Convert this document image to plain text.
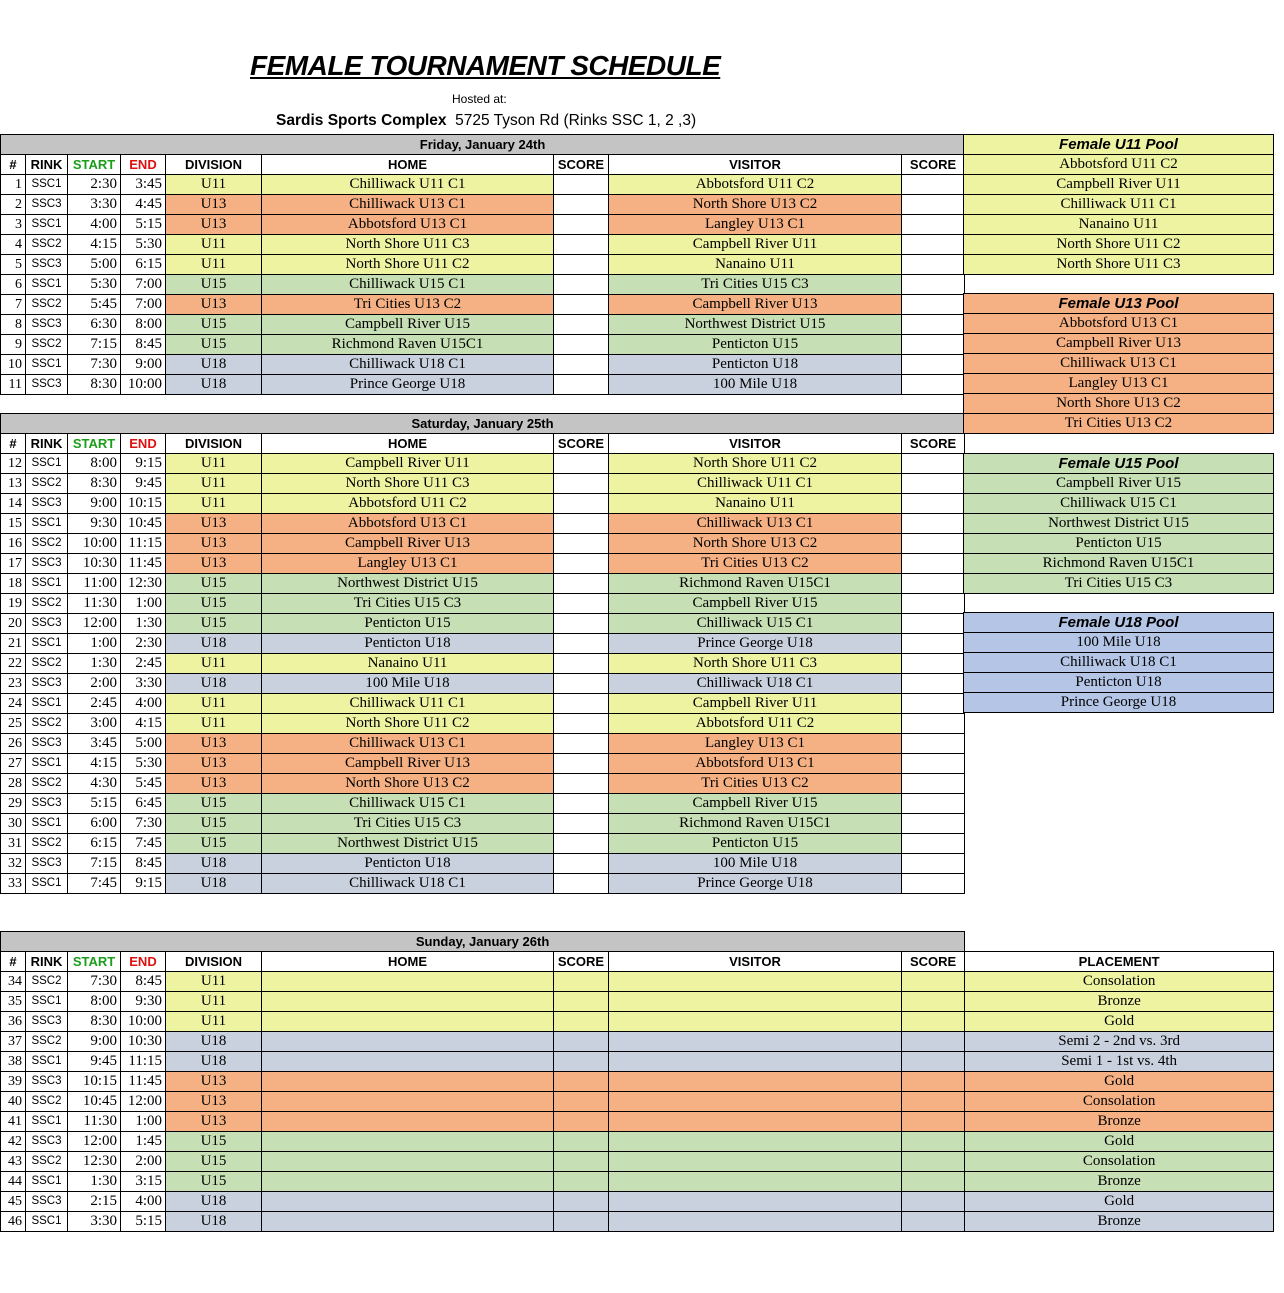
FEMALE TOURNAMENT SCHEDULE
Hosted at:
Sardis Sports Complex 5725 Tyson Rd (Rinks SSC 1, 2 ,3)
Friday, January 24th								
#	RINK	START	END	DIVISION	HOME	SCORE	VISITOR	SCORE
1	SSC1	2:30	3:45	U11	Chilliwack U11 C1		Abbotsford U11 C2	
2	SSC3	3:30	4:45	U13	Chilliwack U13 C1		North Shore U13 C2	
3	SSC1	4:00	5:15	U13	Abbotsford U13 C1		Langley U13 C1	
4	SSC2	4:15	5:30	U11	North Shore U11 C3		Campbell River U11	
5	SSC3	5:00	6:15	U11	North Shore U11 C2		Nanaino U11	
6	SSC1	5:30	7:00	U15	Chilliwack U15 C1		Tri Cities U15 C3	
7	SSC2	5:45	7:00	U13	Tri Cities U13 C2		Campbell River U13	
8	SSC3	6:30	8:00	U15	Campbell River U15		Northwest District U15	
9	SSC2	7:15	8:45	U15	Richmond Raven U15C1		Penticton U15	
10	SSC1	7:30	9:00	U18	Chilliwack U18 C1		Penticton U18	
11	SSC3	8:30	10:00	U18	Prince George U18		100 Mile U18	

Saturday, January 25th								
#	RINK	START	END	DIVISION	HOME	SCORE	VISITOR	SCORE
12	SSC1	8:00	9:15	U11	Campbell River U11		North Shore U11 C2	
13	SSC2	8:30	9:45	U11	North Shore U11 C3		Chilliwack U11 C1	
14	SSC3	9:00	10:15	U11	Abbotsford U11 C2		Nanaino U11	
15	SSC1	9:30	10:45	U13	Abbotsford U13 C1		Chilliwack U13 C1	
16	SSC2	10:00	11:15	U13	Campbell River U13		North Shore U13 C2	
17	SSC3	10:30	11:45	U13	Langley U13 C1		Tri Cities U13 C2	
18	SSC1	11:00	12:30	U15	Northwest District U15		Richmond Raven U15C1	
19	SSC2	11:30	1:00	U15	Tri Cities U15 C3		Campbell River U15	
20	SSC3	12:00	1:30	U15	Penticton U15		Chilliwack U15 C1	
21	SSC1	1:00	2:30	U18	Penticton U18		Prince George U18	
22	SSC2	1:30	2:45	U11	Nanaino U11		North Shore U11 C3	
23	SSC3	2:00	3:30	U18	100 Mile U18		Chilliwack U18 C1	
24	SSC1	2:45	4:00	U11	Chilliwack U11 C1		Campbell River U11	
25	SSC2	3:00	4:15	U11	North Shore U11 C2		Abbotsford U11 C2	
26	SSC3	3:45	5:00	U13	Chilliwack U13 C1		Langley U13 C1	
27	SSC1	4:15	5:30	U13	Campbell River U13		Abbotsford U13 C1	
28	SSC2	4:30	5:45	U13	North Shore U13 C2		Tri Cities U13 C2	
29	SSC3	5:15	6:45	U15	Chilliwack U15 C1		Campbell River U15	
30	SSC1	6:00	7:30	U15	Tri Cities U15 C3		Richmond Raven U15C1	
31	SSC2	6:15	7:45	U15	Northwest District U15		Penticton U15	
32	SSC3	7:15	8:45	U18	Penticton U18		100 Mile U18	
33	SSC1	7:45	9:15	U18	Chilliwack U18 C1		Prince George U18	
Female U11 Pool
Abbotsford U11 C2
Campbell River U11
Chilliwack U11 C1
Nanaino U11
North Shore U11 C2
North Shore U11 C3

Female U13 Pool
Abbotsford U13 C1
Campbell River U13
Chilliwack U13 C1
Langley U13 C1
North Shore U13 C2
Tri Cities U13 C2

Female U15 Pool
Campbell River U15
Chilliwack U15 C1
Northwest District U15
Penticton U15
Richmond Raven U15C1
Tri Cities U15 C3

Female U18 Pool
100 Mile U18
Chilliwack U18 C1
Penticton U18
Prince George U18
Sunday, January 26th									
#	RINK	START	END	DIVISION	HOME	SCORE	VISITOR	SCORE	PLACEMENT
34	SSC2	7:30	8:45	U11					Consolation
35	SSC1	8:00	9:30	U11					Bronze
36	SSC3	8:30	10:00	U11					Gold
37	SSC2	9:00	10:30	U18					Semi 2 - 2nd vs. 3rd
38	SSC1	9:45	11:15	U18					Semi 1 - 1st vs. 4th
39	SSC3	10:15	11:45	U13					Gold
40	SSC2	10:45	12:00	U13					Consolation
41	SSC1	11:30	1:00	U13					Bronze
42	SSC3	12:00	1:45	U15					Gold
43	SSC2	12:30	2:00	U15					Consolation
44	SSC1	1:30	3:15	U15					Bronze
45	SSC3	2:15	4:00	U18					Gold
46	SSC1	3:30	5:15	U18					Bronze
